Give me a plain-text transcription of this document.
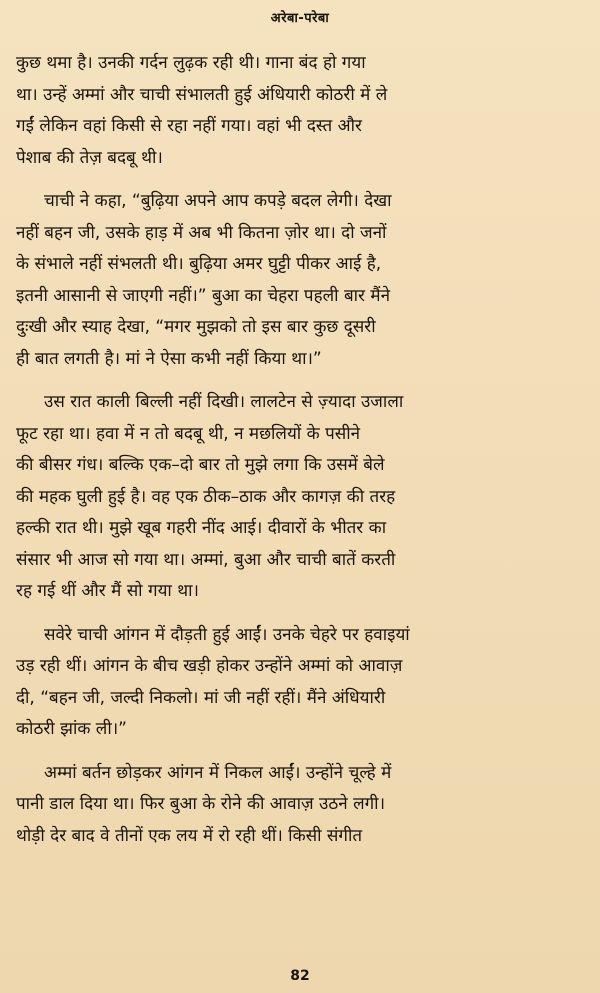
अरेबा-परेबा

कुछ थमा है। उनकी गर्दन लुढ़क रही थी। गाना बंद हो गया
था। उन्हें अम्मां और चाची संभालती हुई अंधियारी कोठरी में ले
गईं लेकिन वहां किसी से रहा नहीं गया। वहां भी दस्त और
पेशाब की तेज़ बदबू थी।

चाची ने कहा, “बुढ़िया अपने आप कपड़े बदल लेगी। देखा
नहीं बहन जी, उसके हाड़ में अब भी कितना ज़ोर था। दो जनों
के संभाले नहीं संभलती थी। बुढ़िया अमर घुट्टी पीकर आई है,
इतनी आसानी से जाएगी नहीं।” बुआ का चेहरा पहली बार मैंने
दुःखी और स्याह देखा, “मगर मुझको तो इस बार कुछ दूसरी
ही बात लगती है। मां ने ऐसा कभी नहीं किया था।”

उस रात काली बिल्ली नहीं दिखी। लालटेन से ज़्यादा उजाला
फूट रहा था। हवा में न तो बदबू थी, न मछलियों के पसीने
की बीसर गंध। बल्कि एक–दो बार तो मुझे लगा कि उसमें बेले
की महक घुली हुई है। वह एक ठीक–ठाक और कागज़ की तरह
हल्की रात थी। मुझे खूब गहरी नींद आई। दीवारों के भीतर का
संसार भी आज सो गया था। अम्मां, बुआ और चाची बातें करती
रह गई थीं और मैं सो गया था।

सवेरे चाची आंगन में दौड़ती हुई आईं। उनके चेहरे पर हवाइयां
उड़ रही थीं। आंगन के बीच खड़ी होकर उन्होंने अम्मां को आवाज़
दी, “बहन जी, जल्दी निकलो। मां जी नहीं रहीं। मैंने अंधियारी
कोठरी झांक ली।”

अम्मां बर्तन छोड़कर आंगन में निकल आईं। उन्होंने चूल्हे में
पानी डाल दिया था। फिर बुआ के रोने की आवाज़ उठने लगी।
थोड़ी देर बाद वे तीनों एक लय में रो रही थीं। किसी संगीत

82
